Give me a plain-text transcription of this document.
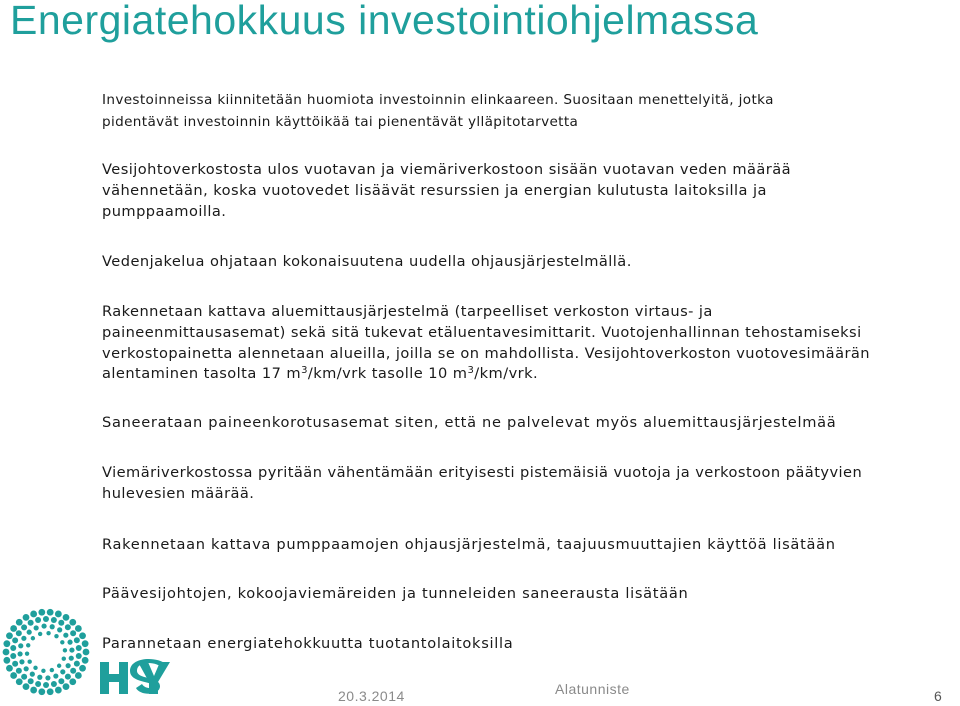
Energiatehokkuus investointiohjelmassa
Investoinneissa kiinnitetään huomiota investoinnin elinkaareen. Suositaan menettelyitä, jotka
pidentävät investoinnin käyttöikää tai pienentävät ylläpitotarvetta
Vesijohtoverkostosta ulos vuotavan ja viemäriverkostoon sisään vuotavan veden määrää
vähennetään, koska vuotovedet lisäävät resurssien ja energian kulutusta laitoksilla ja
pumppaamoilla.
Vedenjakelua ohjataan kokonaisuutena uudella ohjausjärjestelmällä.
Rakennetaan kattava aluemittausjärjestelmä (tarpeelliset verkoston virtaus- ja
paineenmittausasemat) sekä sitä tukevat etäluentavesimittarit. Vuotojenhallinnan tehostamiseksi
verkostopainetta alennetaan alueilla, joilla se on mahdollista. Vesijohtoverkoston vuotovesimäärän
alentaminen tasolta 17 $m^3/km$/vrk tasolle 10 $m^3/km$/vrk.
Saneerataan paineenkorotusasemat siten, että ne palvelevat myös aluemittausjärjestelmää
Viemäriverkostossa pyritään vähentämään erityisesti pistemäisiä vuotoja ja verkostoon päätyvien
hulevesien määrää.
Rakennetaan kattava pumppaamojen ohjausjärjestelmä, taajuusmuuttajien käyttöä lisätään
Päävesijohtojen, kokoojaviemäreiden ja tunneleiden saneerausta lisätään
Parannetaan energiatehokkuutta tuotantolaitoksilla

20.3.2014	Alatunniste	6
